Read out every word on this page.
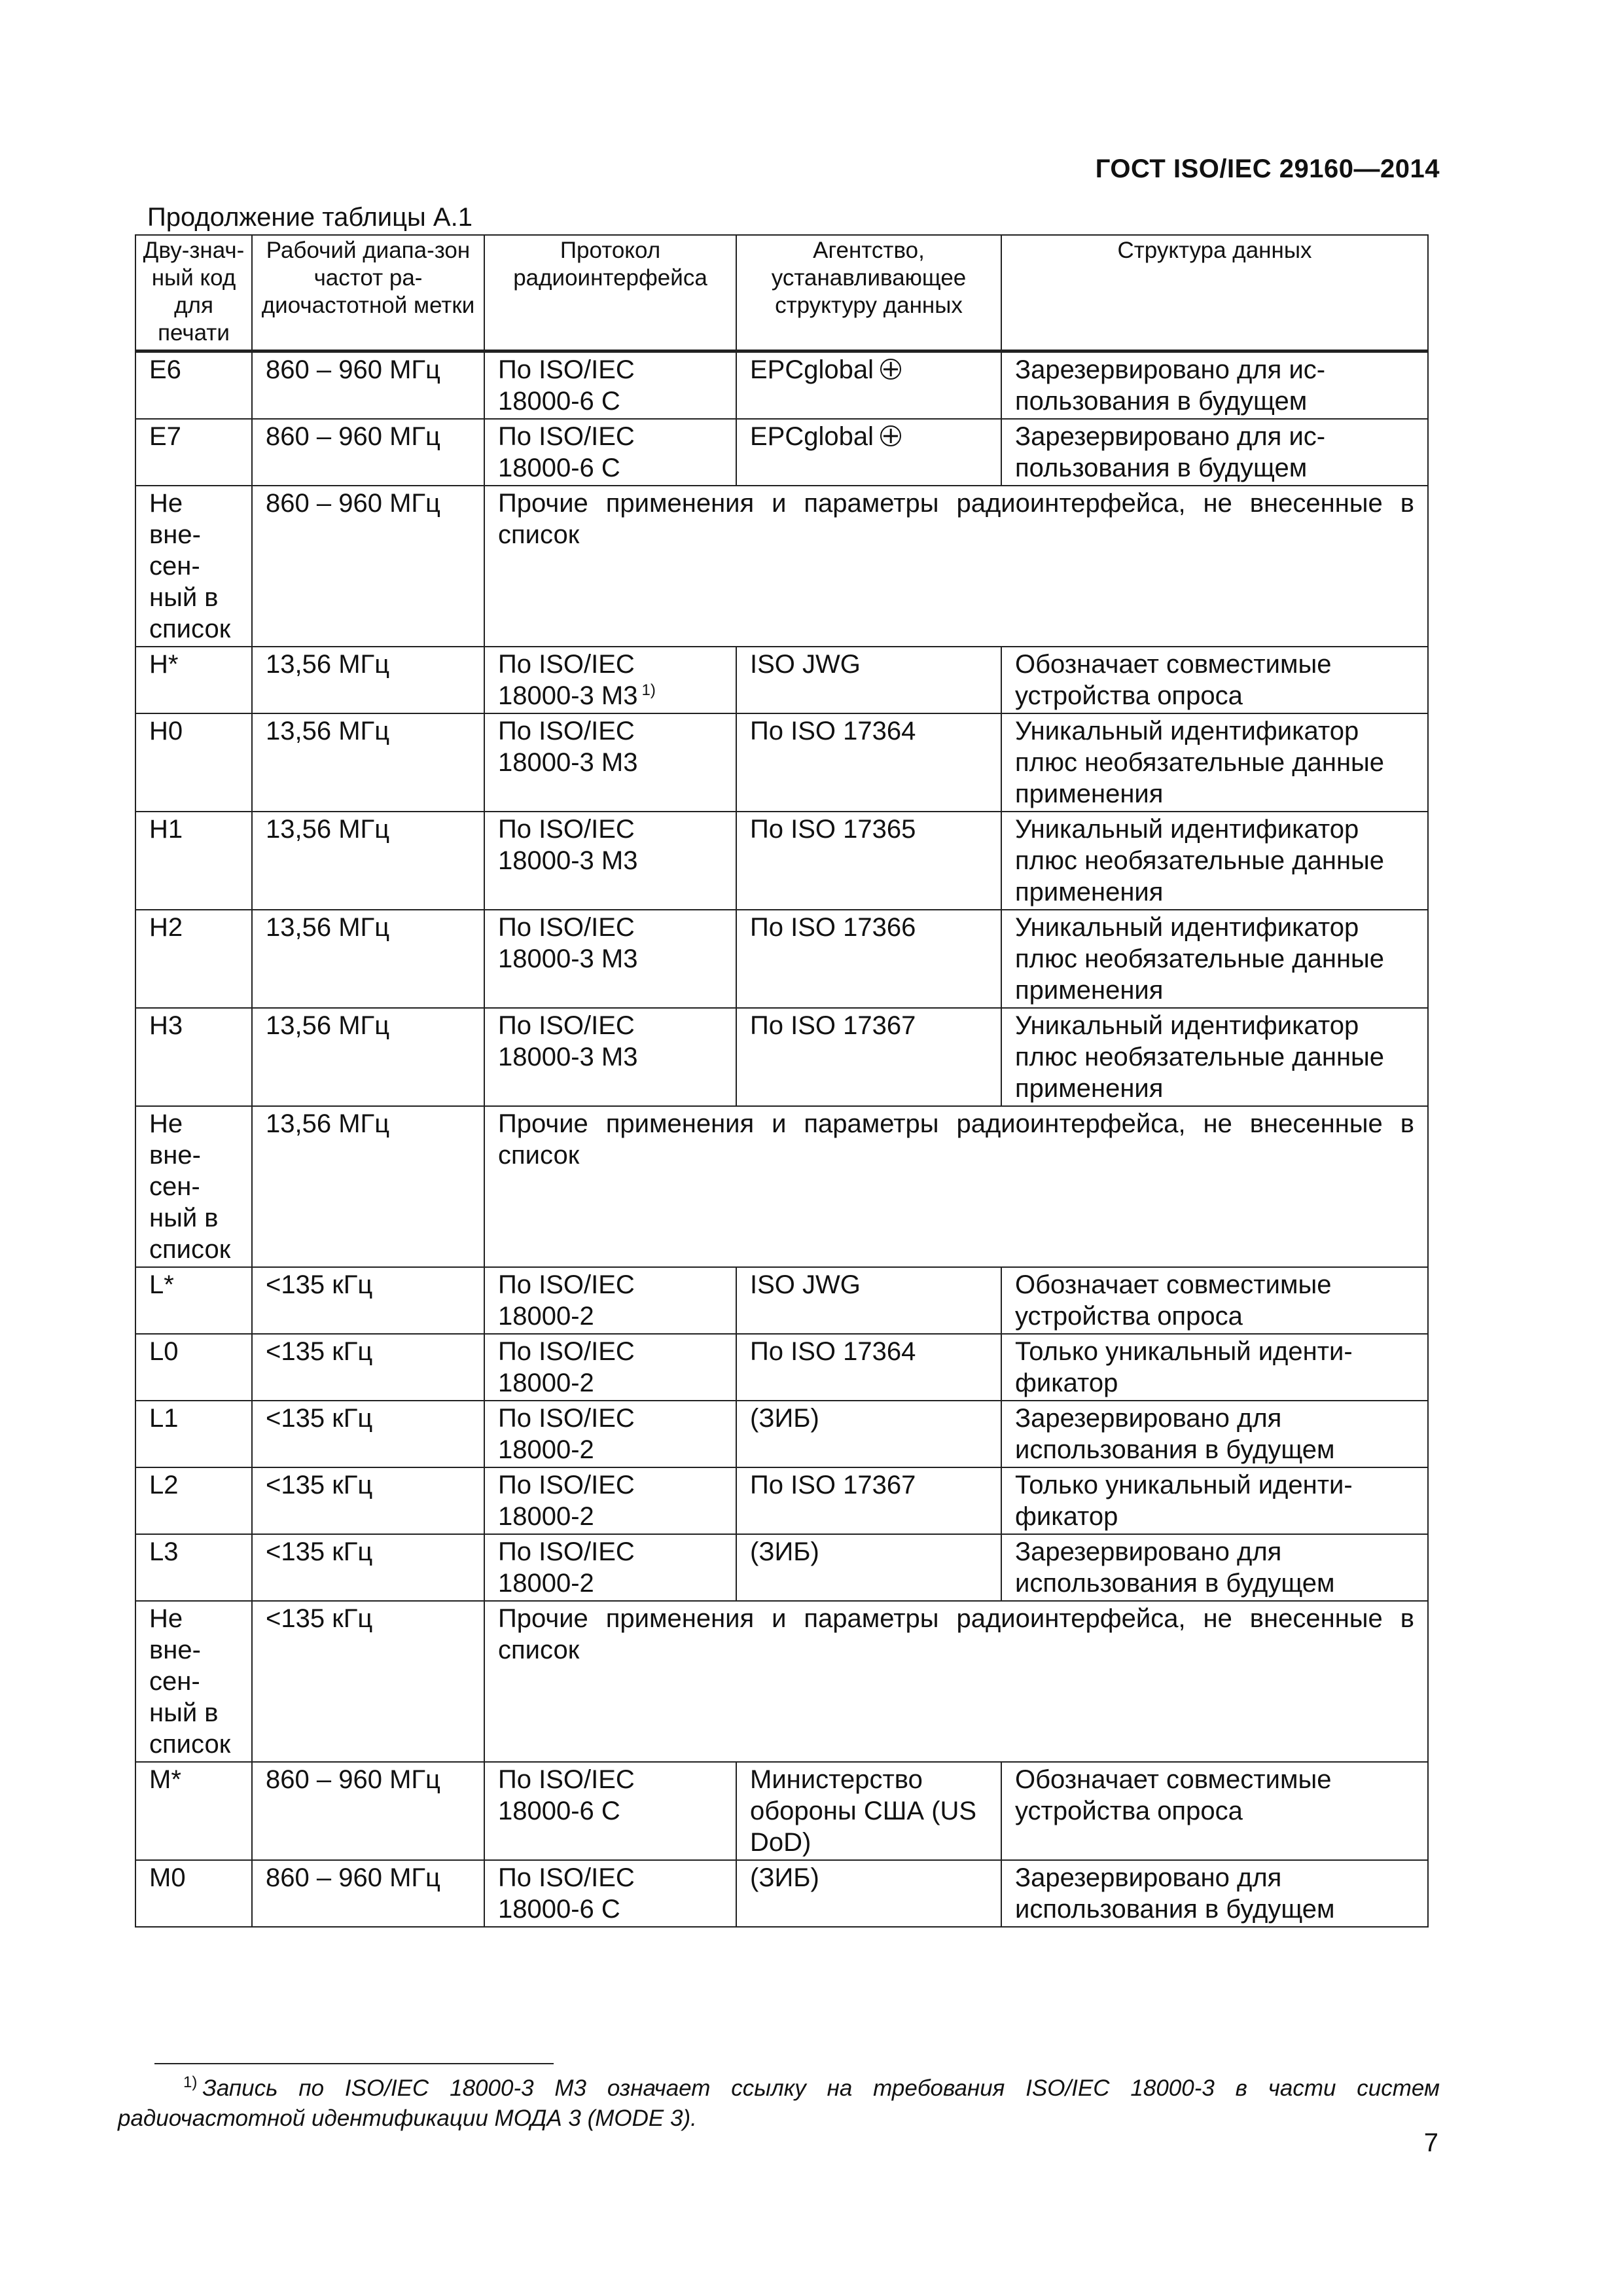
ГОСТ ISO/IEC 29160—2014
Продолжение таблицы А.1
Дву-знач-ный код для печати	Рабочий диапа-зон частот ра-диочастотной метки	Протокол радиоинтерфейса	Агентство, устанавливающее структуру данных	Структура данных
E6	860 – 960 МГц	По ISO/IEC 18000-6 C	EPCglobal	Зарезервировано для ис-пользования в будущем
E7	860 – 960 МГц	По ISO/IEC 18000-6 C	EPCglobal	Зарезервировано для ис-пользования в будущем
Не вне-сен-ный в список	860 – 960 МГц	Прочие применения и параметры радиоинтерфейса, не внесенные в список		
H*	13,56 МГц	По ISO/IEC 18000-3 M3 $^{1)}$	ISO JWG	Обозначает совместимые устройства опроса
H0	13,56 МГц	По ISO/IEC 18000-3 M3	По ISO 17364	Уникальный идентификатор плюс необязательные данные применения
H1	13,56 МГц	По ISO/IEC 18000-3 M3	По ISO 17365	Уникальный идентификатор плюс необязательные данные применения
H2	13,56 МГц	По ISO/IEC 18000-3 M3	По ISO 17366	Уникальный идентификатор плюс необязательные данные применения
H3	13,56 МГц	По ISO/IEC 18000-3 M3	По ISO 17367	Уникальный идентификатор плюс необязательные данные применения
Не вне-сен-ный в список	13,56 МГц	Прочие применения и параметры радиоинтерфейса, не внесенные в список		
L*	<135 кГц	По ISO/IEC 18000-2	ISO JWG	Обозначает совместимые устройства опроса
L0	<135 кГц	По ISO/IEC 18000-2	По ISO 17364	Только уникальный иденти-фикатор
L1	<135 кГц	По ISO/IEC 18000-2	(ЗИБ)	Зарезервировано для использования в будущем
L2	<135 кГц	По ISO/IEC 18000-2	По ISO 17367	Только уникальный иденти-фикатор
L3	<135 кГц	По ISO/IEC 18000-2	(ЗИБ)	Зарезервировано для использования в будущем
Не вне-сен-ный в список	<135 кГц	Прочие применения и параметры радиоинтерфейса, не внесенные в список		
M*	860 – 960 МГц	По ISO/IEC 18000-6 C	Министерство обороны США (US DoD)	Обозначает совместимые устройства опроса
M0	860 – 960 МГц	По ISO/IEC 18000-6 C	(ЗИБ)	Зарезервировано для использования в будущем
$^{1)}$ Запись по ISO/IEC 18000-3 M3 означает ссылку на требования ISO/IEC 18000-3 в части систем радиочастотной идентификации МОДА 3 (MODE 3).
7
